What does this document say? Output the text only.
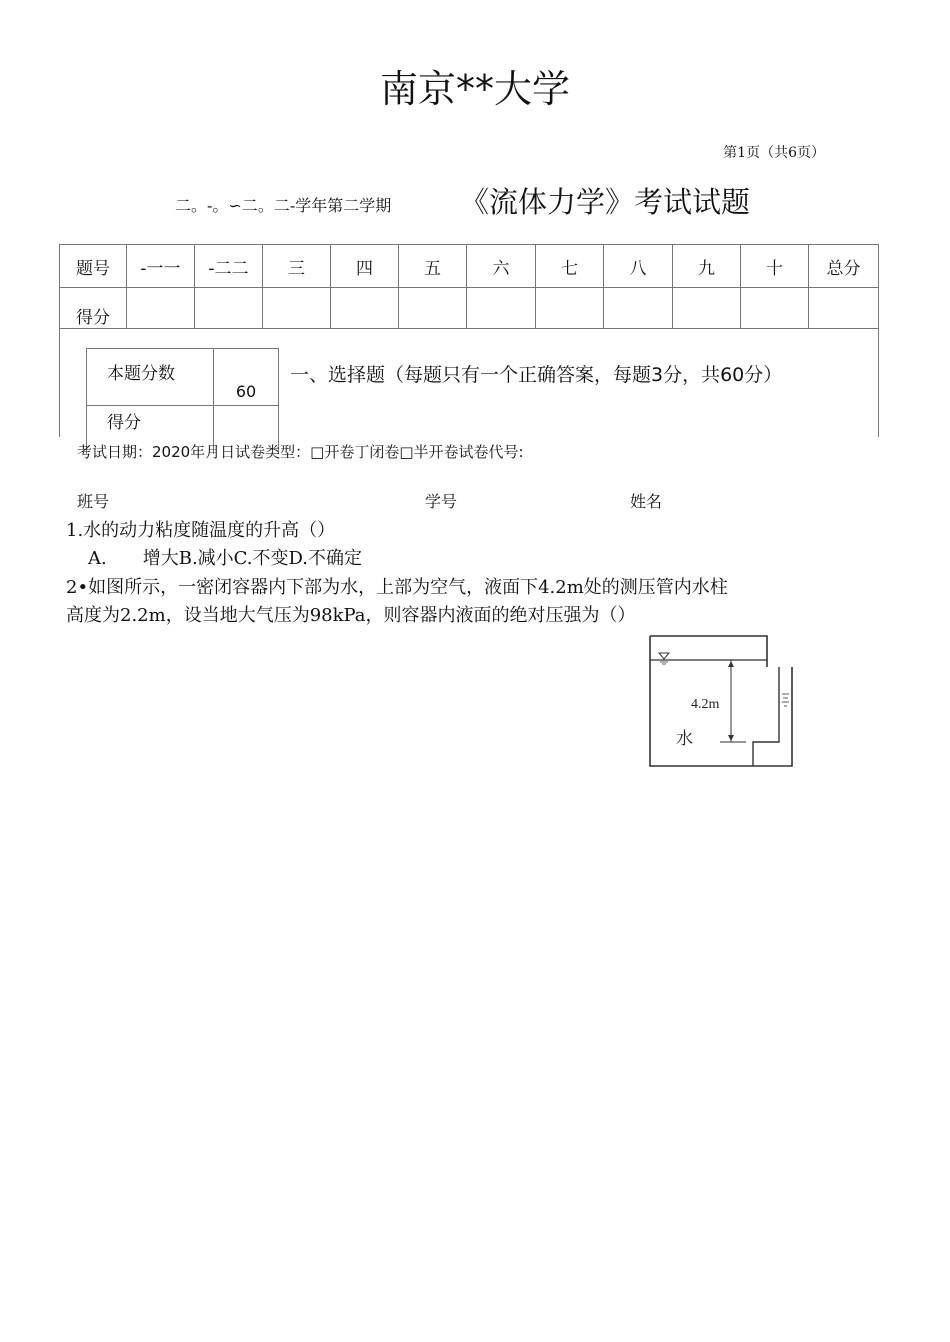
南京**大学
第1页（共6页）
二。-。∽二。二-学年第二学期 《流体力学》考试试题
题号	-一一	-二二	三	四	五	六	七	八	九	十	总分
得分											
本题分数	60
得分	
一、选择题（每题只有一个正确答案，每题3分，共60分）
考试日期：2020年月日试卷类型：□开卷丁闭卷□半开卷试卷代号:
班号	学号	姓名
1.水的动力粘度随温度的升高（）
A.　　增大B.减小C.不变D.不确定
2•如图所示，一密闭容器内下部为水，上部为空气，液面下4.2m处的测压管内水柱
高度为2.2m，设当地大气压为98kPa，则容器内液面的绝对压强为（）
4.2m
水
